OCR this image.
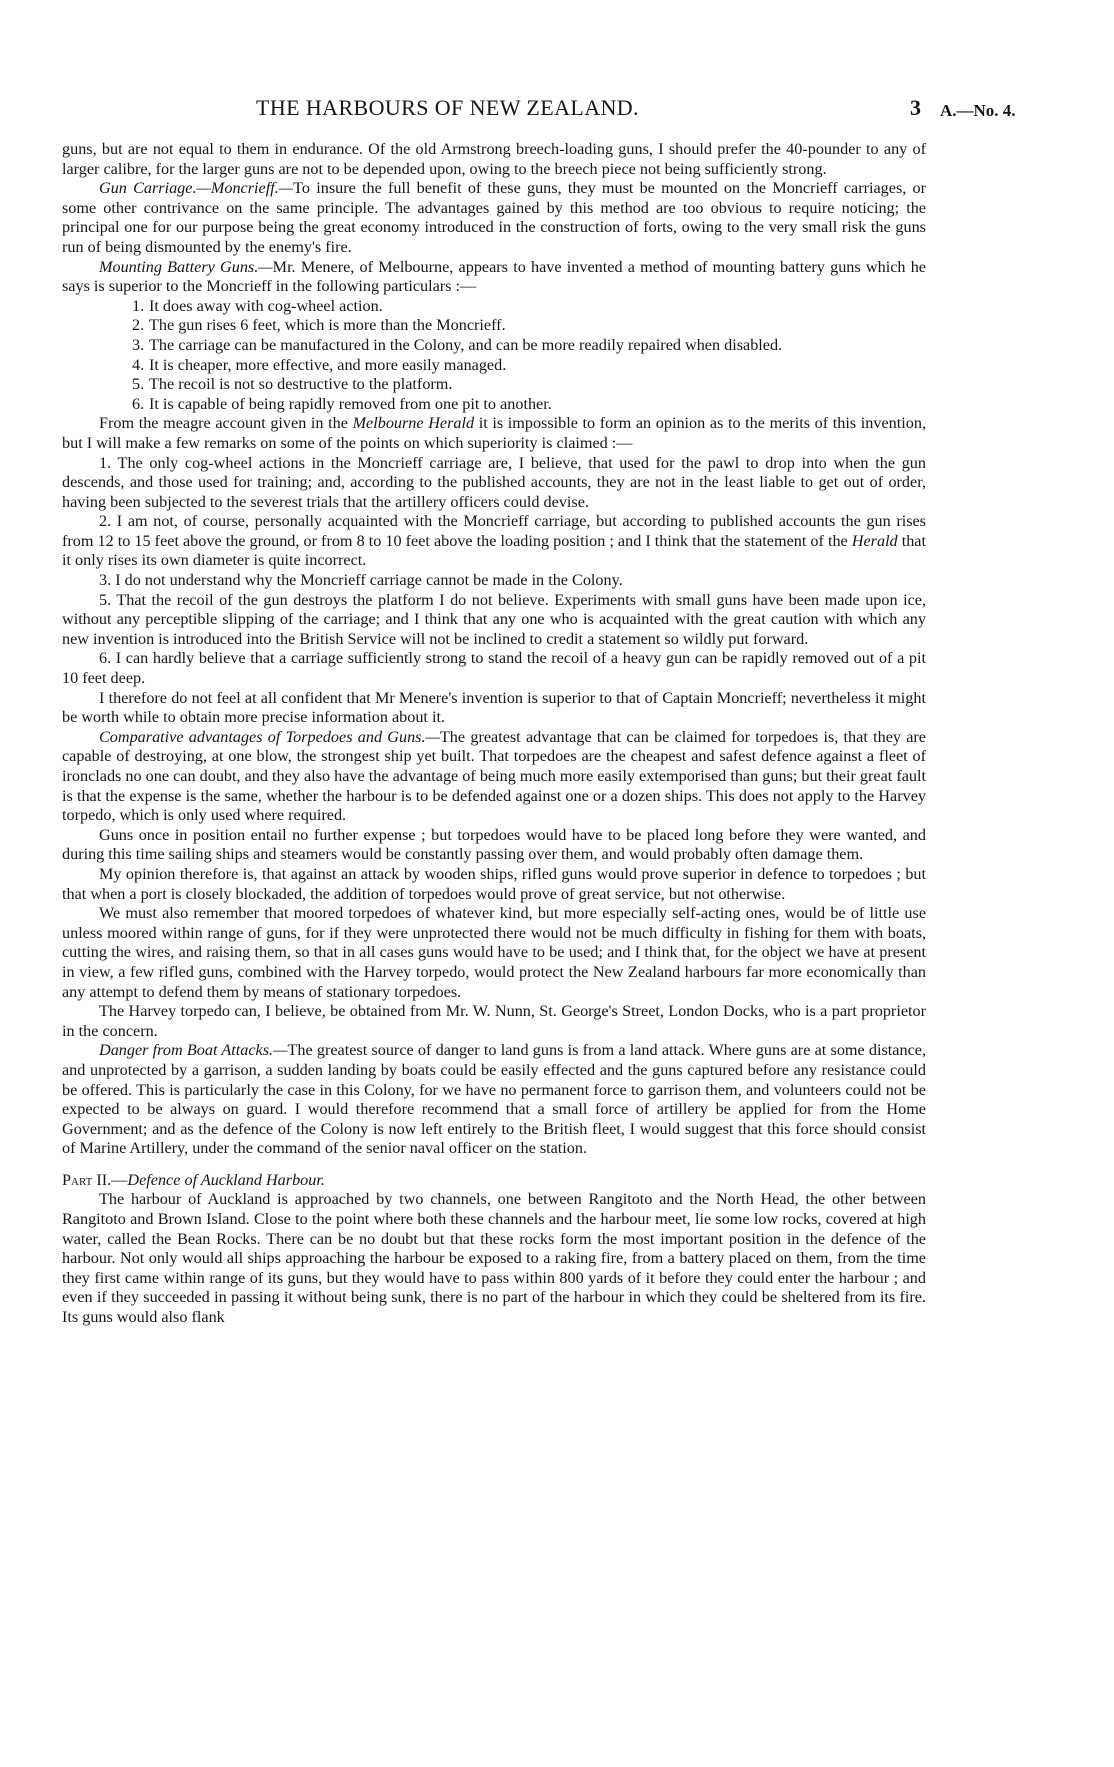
THE HARBOURS OF NEW ZEALAND.	3 A.—No. 4.

guns, but are not equal to them in endurance. Of the old Armstrong breech-loading guns, I should prefer the 40-pounder to any of larger calibre, for the larger guns are not to be depended upon, owing to the breech piece not being sufficiently strong.

Gun Carriage.—Moncrieff.—To insure the full benefit of these guns, they must be mounted on the Moncrieff carriages, or some other contrivance on the same principle. The advantages gained by this method are too obvious to require noticing; the principal one for our purpose being the great economy introduced in the construction of forts, owing to the very small risk the guns run of being dismounted by the enemy's fire.

Mounting Battery Guns.—Mr. Menere, of Melbourne, appears to have invented a method of mounting battery guns which he says is superior to the Moncrieff in the following particulars :—

1. It does away with cog-wheel action.
2. The gun rises 6 feet, which is more than the Moncrieff.
3. The carriage can be manufactured in the Colony, and can be more readily repaired when disabled.
4. It is cheaper, more effective, and more easily managed.
5. The recoil is not so destructive to the platform.
6. It is capable of being rapidly removed from one pit to another.

From the meagre account given in the Melbourne Herald it is impossible to form an opinion as to the merits of this invention, but I will make a few remarks on some of the points on which superiority is claimed :—

1. The only cog-wheel actions in the Moncrieff carriage are, I believe, that used for the pawl to drop into when the gun descends, and those used for training; and, according to the published accounts, they are not in the least liable to get out of order, having been subjected to the severest trials that the artillery officers could devise.

2. I am not, of course, personally acquainted with the Moncrieff carriage, but according to published accounts the gun rises from 12 to 15 feet above the ground, or from 8 to 10 feet above the loading position ; and I think that the statement of the Herald that it only rises its own diameter is quite incorrect.

3. I do not understand why the Moncrieff carriage cannot be made in the Colony.

5. That the recoil of the gun destroys the platform I do not believe. Experiments with small guns have been made upon ice, without any perceptible slipping of the carriage; and I think that any one who is acquainted with the great caution with which any new invention is introduced into the British Service will not be inclined to credit a statement so wildly put forward.

6. I can hardly believe that a carriage sufficiently strong to stand the recoil of a heavy gun can be rapidly removed out of a pit 10 feet deep.

I therefore do not feel at all confident that Mr Menere's invention is superior to that of Captain Moncrieff; nevertheless it might be worth while to obtain more precise information about it.

Comparative advantages of Torpedoes and Guns.—The greatest advantage that can be claimed for torpedoes is, that they are capable of destroying, at one blow, the strongest ship yet built. That torpedoes are the cheapest and safest defence against a fleet of ironclads no one can doubt, and they also have the advantage of being much more easily extemporised than guns; but their great fault is that the expense is the same, whether the harbour is to be defended against one or a dozen ships. This does not apply to the Harvey torpedo, which is only used where required.

Guns once in position entail no further expense ; but torpedoes would have to be placed long before they were wanted, and during this time sailing ships and steamers would be constantly passing over them, and would probably often damage them.

My opinion therefore is, that against an attack by wooden ships, rifled guns would prove superior in defence to torpedoes ; but that when a port is closely blockaded, the addition of torpedoes would prove of great service, but not otherwise.

We must also remember that moored torpedoes of whatever kind, but more especially self-acting ones, would be of little use unless moored within range of guns, for if they were unprotected there would not be much difficulty in fishing for them with boats, cutting the wires, and raising them, so that in all cases guns would have to be used; and I think that, for the object we have at present in view, a few rifled guns, combined with the Harvey torpedo, would protect the New Zealand harbours far more economically than any attempt to defend them by means of stationary torpedoes.

The Harvey torpedo can, I believe, be obtained from Mr. W. Nunn, St. George's Street, London Docks, who is a part proprietor in the concern.

Danger from Boat Attacks.—The greatest source of danger to land guns is from a land attack. Where guns are at some distance, and unprotected by a garrison, a sudden landing by boats could be easily effected and the guns captured before any resistance could be offered. This is particularly the case in this Colony, for we have no permanent force to garrison them, and volunteers could not be expected to be always on guard. I would therefore recommend that a small force of artillery be applied for from the Home Government; and as the defence of the Colony is now left entirely to the British fleet, I would suggest that this force should consist of Marine Artillery, under the command of the senior naval officer on the station.

Part II.—Defence of Auckland Harbour.

The harbour of Auckland is approached by two channels, one between Rangitoto and the North Head, the other between Rangitoto and Brown Island. Close to the point where both these channels and the harbour meet, lie some low rocks, covered at high water, called the Bean Rocks. There can be no doubt but that these rocks form the most important position in the defence of the harbour. Not only would all ships approaching the harbour be exposed to a raking fire, from a battery placed on them, from the time they first came within range of its guns, but they would have to pass within 800 yards of it before they could enter the harbour ; and even if they succeeded in passing it without being sunk, there is no part of the harbour in which they could be sheltered from its fire. Its guns would also flank
